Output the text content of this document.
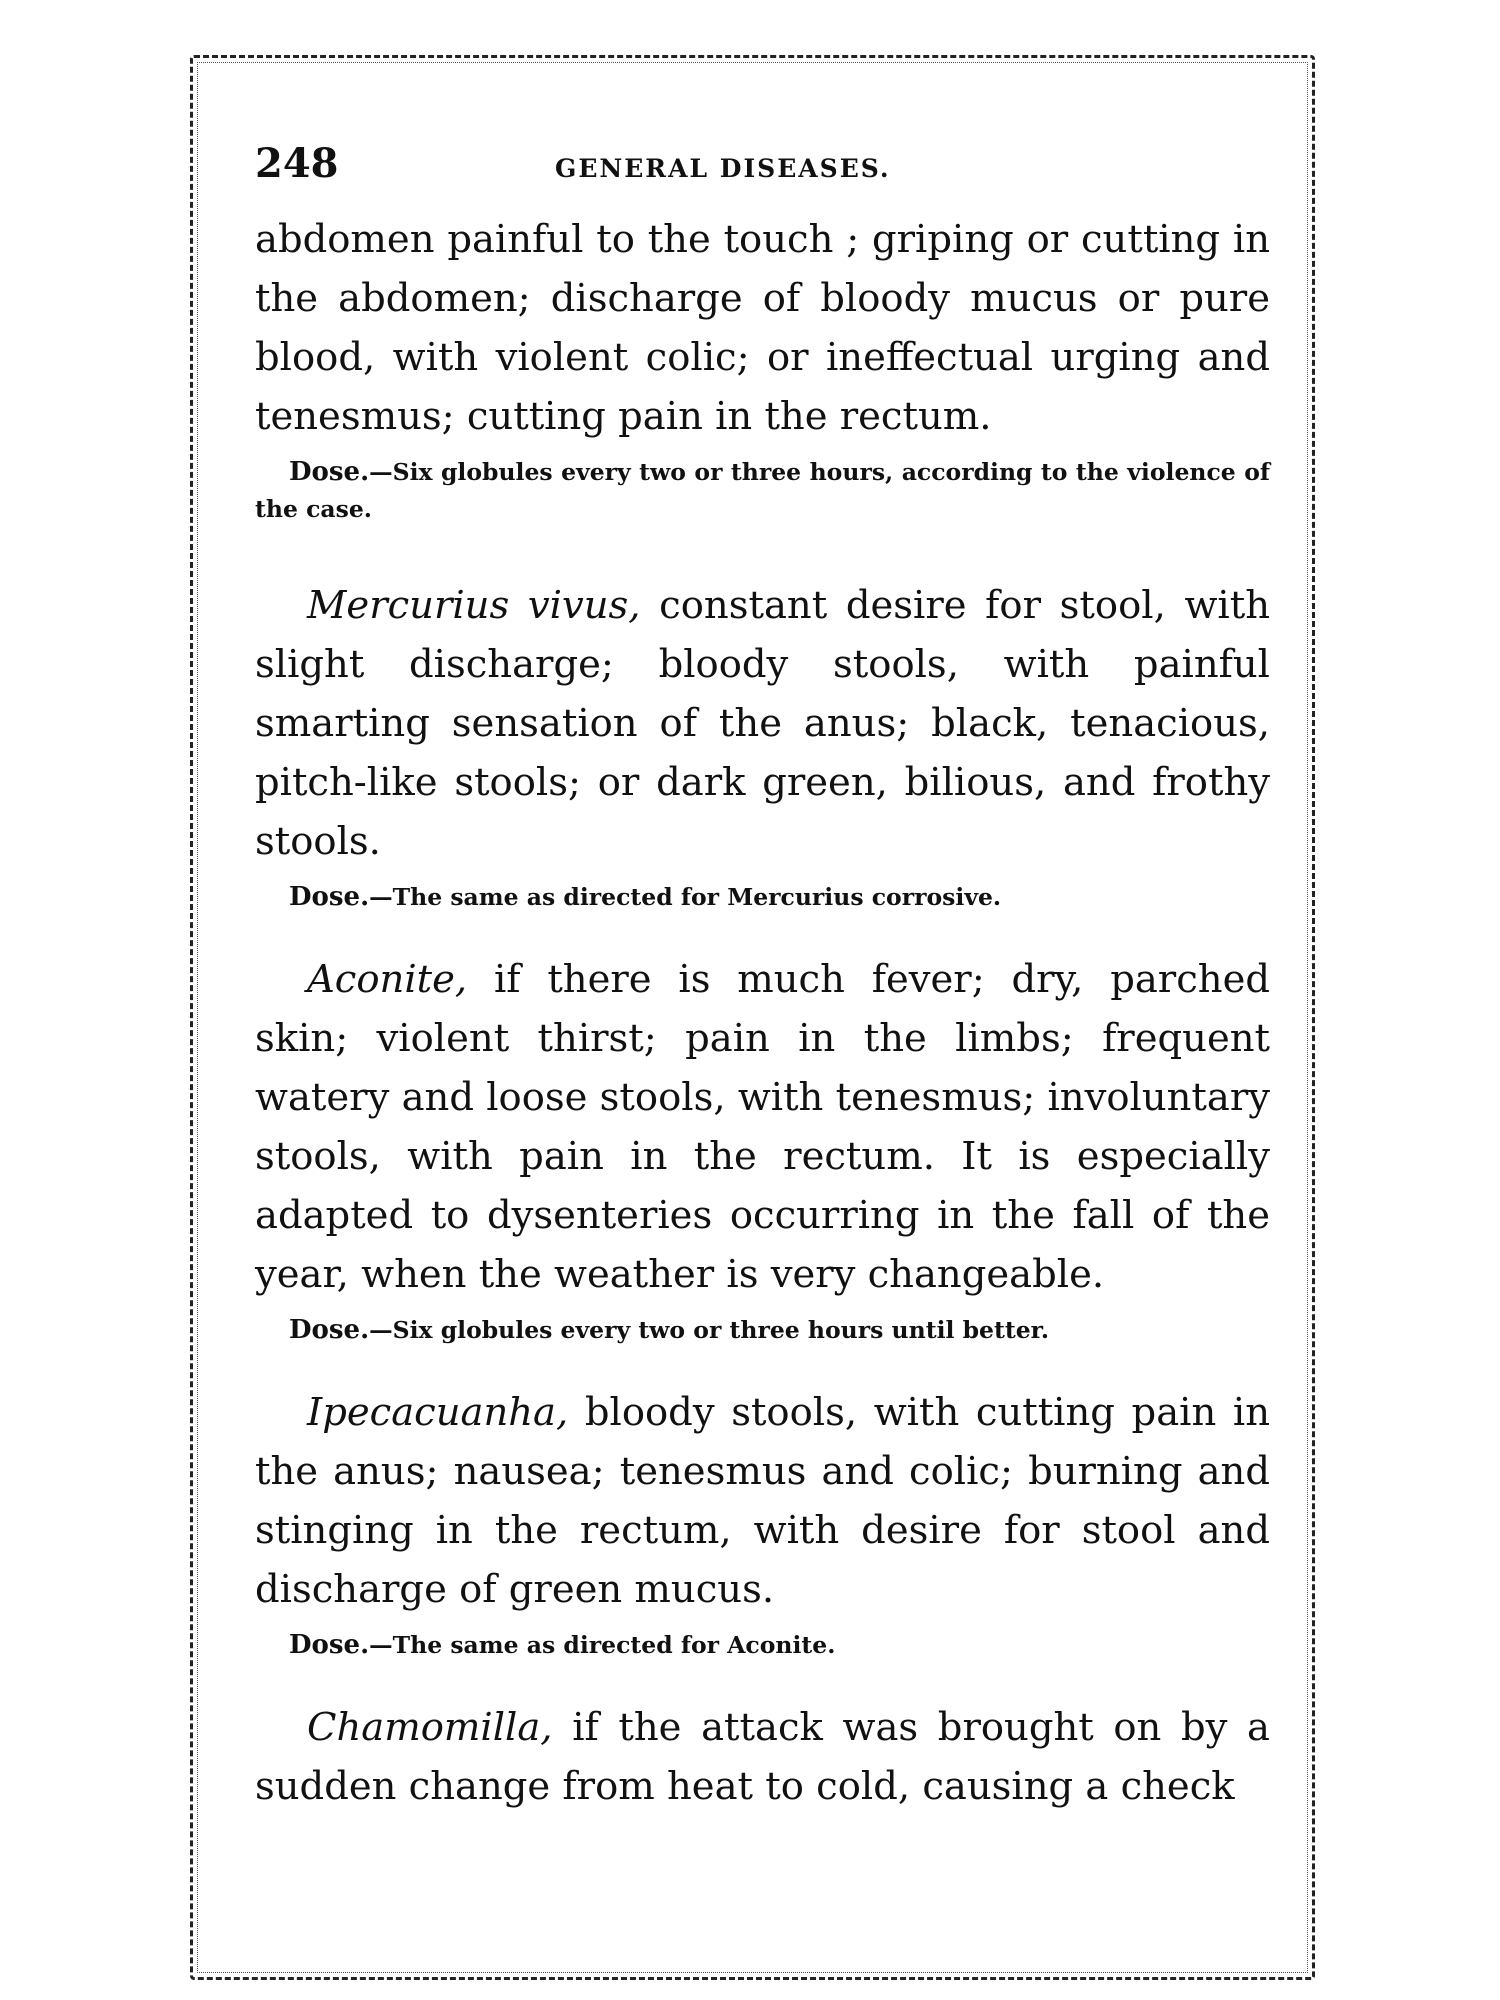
248	GENERAL DISEASES.

abdomen painful to the touch ; griping or cutting in the abdomen; discharge of bloody mucus or pure blood, with violent colic; or ineffectual urging and tenesmus; cutting pain in the rectum.

Dose.—Six globules every two or three hours, according to the violence of the case.

Mercurius vivus, constant desire for stool, with slight discharge; bloody stools, with painful smarting sensation of the anus; black, tenacious, pitch-like stools; or dark green, bilious, and frothy stools.

Dose.—The same as directed for Mercurius corrosive.

Aconite, if there is much fever; dry, parched skin; violent thirst; pain in the limbs; frequent watery and loose stools, with tenesmus; involuntary stools, with pain in the rectum. It is especially adapted to dysenteries occurring in the fall of the year, when the weather is very changeable.

Dose.—Six globules every two or three hours until better.

Ipecacuanha, bloody stools, with cutting pain in the anus; nausea; tenesmus and colic; burning and stinging in the rectum, with desire for stool and discharge of green mucus.

Dose.—The same as directed for Aconite.

Chamomilla, if the attack was brought on by a sudden change from heat to cold, causing a check
